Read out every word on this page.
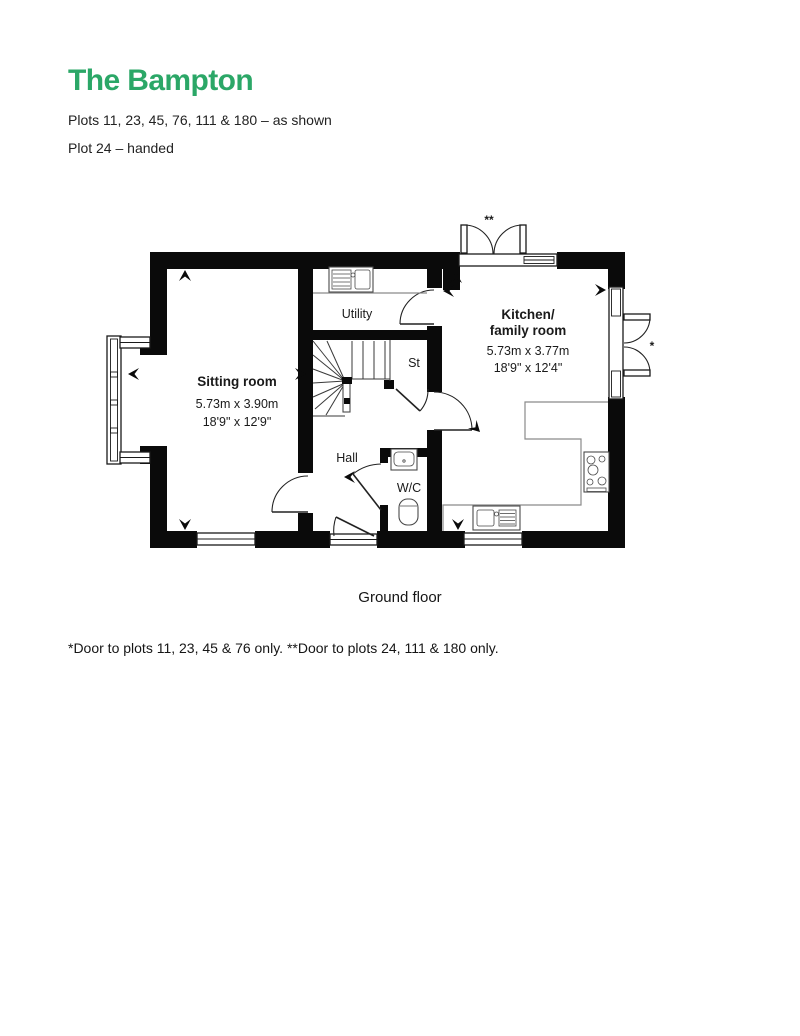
The Bampton
Plots 11, 23, 45, 76, 111 & 180 – as shown
Plot 24 – handed
Sitting room
5.73m x 3.90m
18'9" x 12'9"
Kitchen/
family room
5.73m x 3.77m
18'9" x 12'4"
Utility
St
Hall
W/C
**
*
Ground floor
*Door to plots 11, 23, 45 & 76 only. **Door to plots 24, 111 & 180 only.
